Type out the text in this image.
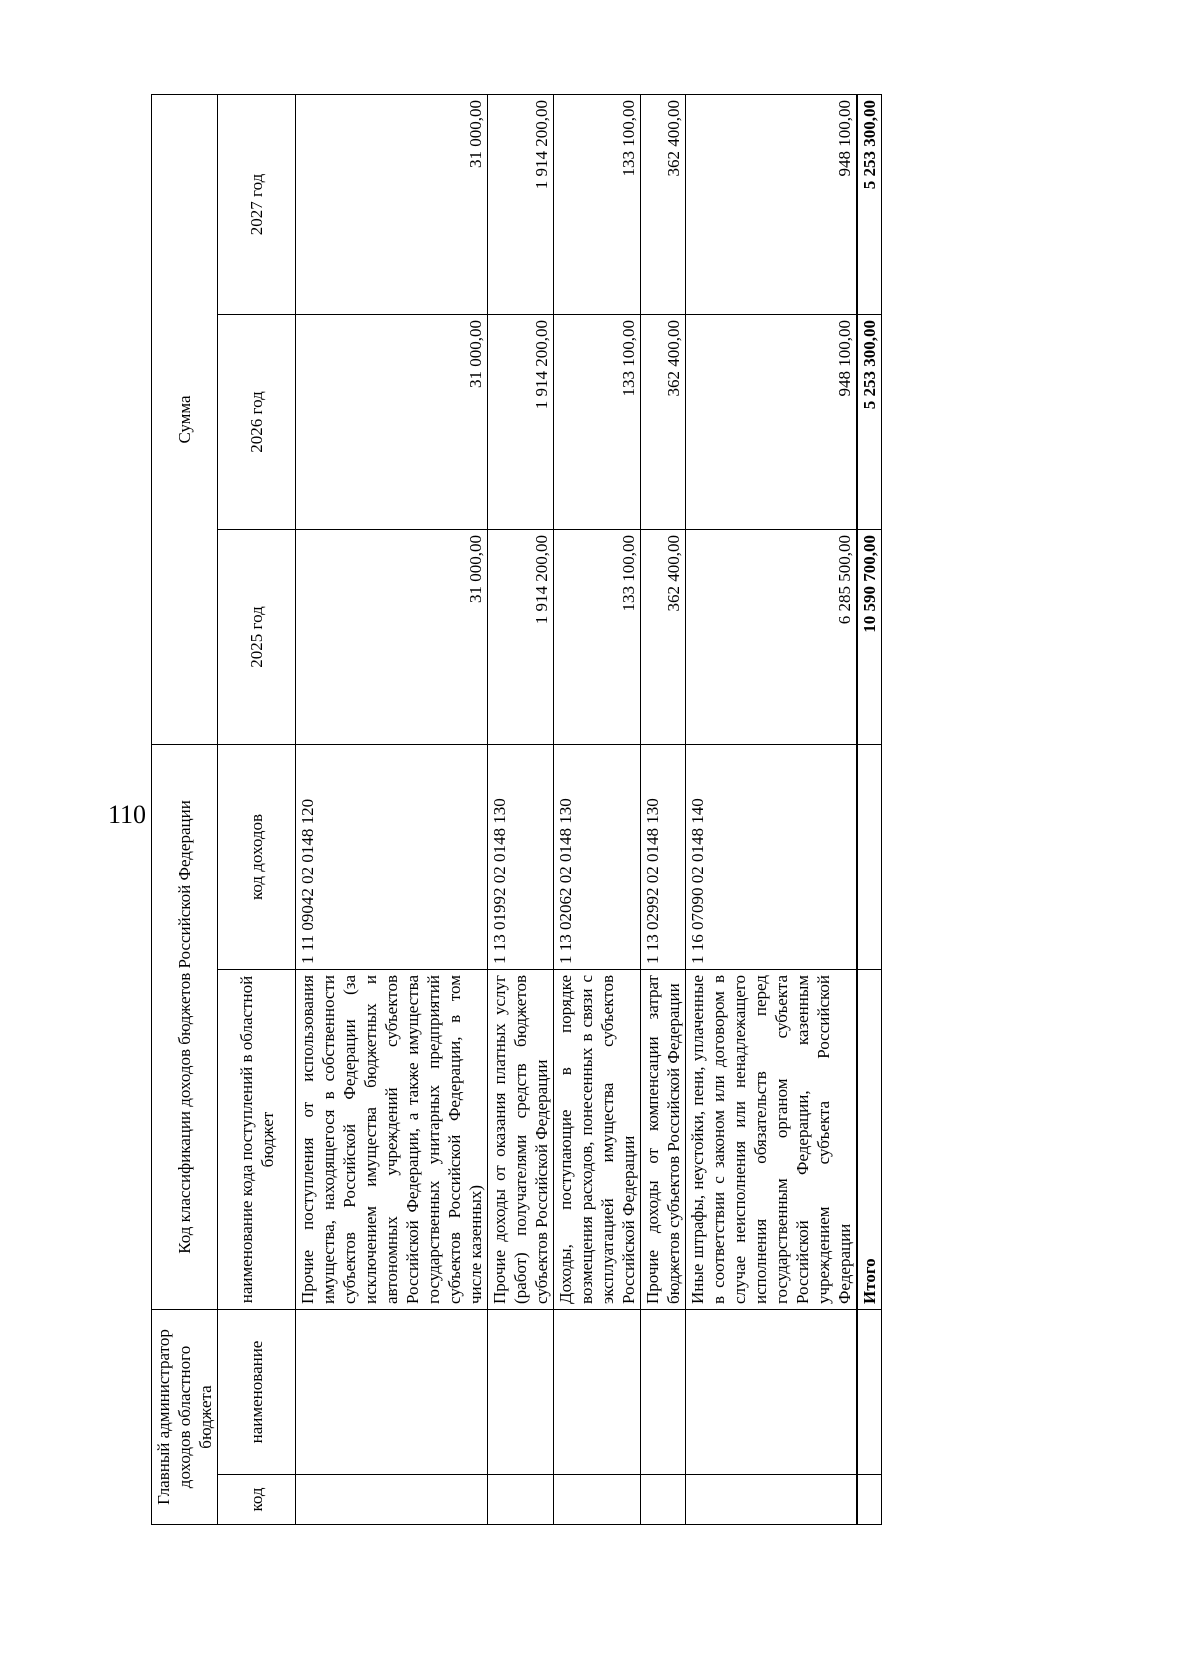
110
Главный администратор доходов областного бюджета		Код классификации доходов бюджетов Российской Федерации		Сумма		
код	наименование	наименование кода поступлений в областной бюджет	код доходов	2025 год	2026 год	2027 год
		Прочие поступления от использования имущества, находящегося в собственности субъектов Российской Федерации (за исключением имущества бюджетных и автономных учреждений субъектов Российской Федерации, а также имущества государственных унитарных предприятий субъектов Российской Федерации, в том числе казенных)	1 11 09042 02 0148 120	31 000,00	31 000,00	31 000,00
		Прочие доходы от оказания платных услуг (работ) получателями средств бюджетов субъектов Российской Федерации	1 13 01992 02 0148 130	1 914 200,00	1 914 200,00	1 914 200,00
		Доходы, поступающие в порядке возмещения расходов, понесенных в связи с эксплуатацией имущества субъектов Российской Федерации	1 13 02062 02 0148 130	133 100,00	133 100,00	133 100,00
		Прочие доходы от компенсации затрат бюджетов субъектов Российской Федерации	1 13 02992 02 0148 130	362 400,00	362 400,00	362 400,00
		Иные штрафы, неустойки, пени, уплаченные в соответствии с законом или договором в случае неисполнения или ненадлежащего исполнения обязательств перед государственным органом субъекта Российской Федерации, казенным учреждением субъекта Российской Федерации	1 16 07090 02 0148 140	6 285 500,00	948 100,00	948 100,00
		Итого		10 590 700,00	5 253 300,00	5 253 300,00
